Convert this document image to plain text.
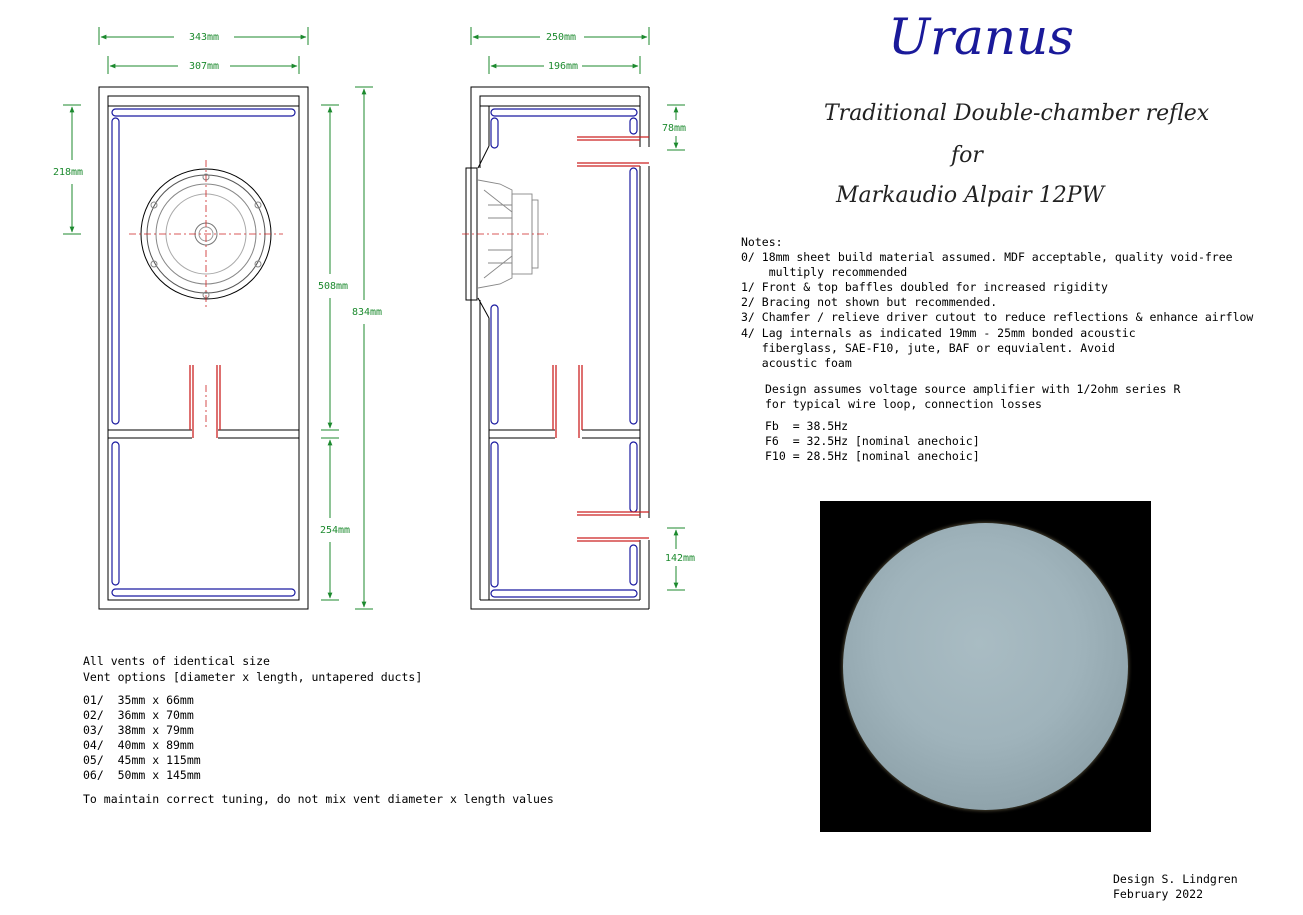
343mm
307mm
218mm
508mm
834mm
254mm
250mm
196mm
78mm
142mm
Uranus
Traditional Double-chamber reflex
for
Markaudio Alpair 12PW
Notes:
0/ 18mm sheet build material assumed. MDF acceptable, quality void-free
multiply recommended
1/ Front & top baffles doubled for increased rigidity
2/ Bracing not shown but recommended.
3/ Chamfer / relieve driver cutout to reduce reflections & enhance airflow
4/ Lag internals as indicated 19mm - 25mm bonded acoustic
fiberglass, SAE-F10, jute, BAF or equvialent. Avoid
acoustic foam
Design assumes voltage source amplifier with 1/2ohm series R
for typical wire loop, connection losses
Fb  = 38.5Hz
F6  = 32.5Hz [nominal anechoic]
F10 = 28.5Hz [nominal anechoic]
All vents of identical size
Vent options [diameter x length, untapered ducts]
01/  35mm x 66mm
02/  36mm x 70mm
03/  38mm x 79mm
04/  40mm x 89mm
05/  45mm x 115mm
06/  50mm x 145mm
To maintain correct tuning, do not mix vent diameter x length values
Design S. Lindgren
February 2022
